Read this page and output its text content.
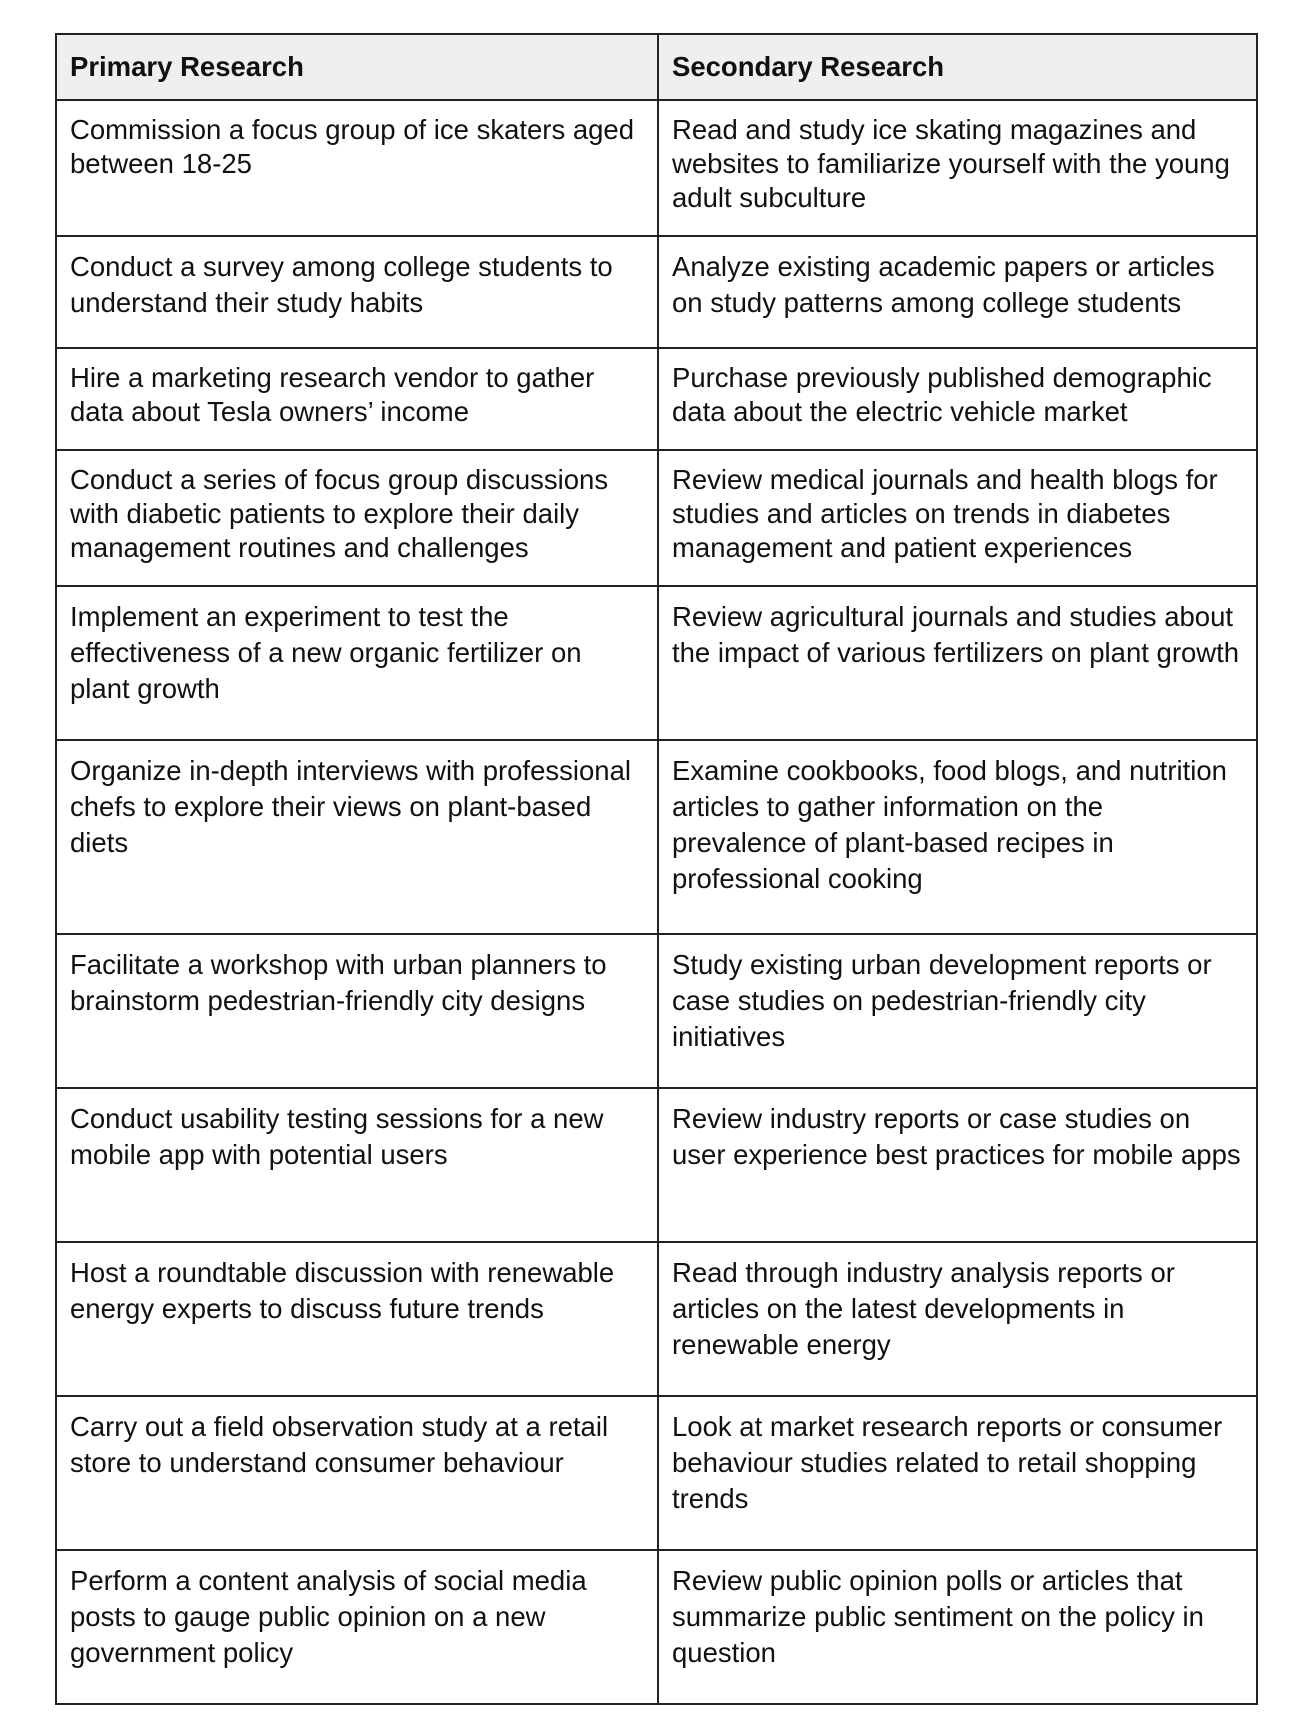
Primary Research	Secondary Research
Commission a focus group of ice skaters aged between 18-25	Read and study ice skating magazines and websites to familiarize yourself with the young adult subculture
Conduct a survey among college students to understand their study habits	Analyze existing academic papers or articles on study patterns among college students
Hire a marketing research vendor to gather data about Tesla owners’ income	Purchase previously published demographic data about the electric vehicle market
Conduct a series of focus group discussions with diabetic patients to explore their daily management routines and challenges	Review medical journals and health blogs for studies and articles on trends in diabetes management and patient experiences
Implement an experiment to test the effectiveness of a new organic fertilizer on plant growth	Review agricultural journals and studies about the impact of various fertilizers on plant growth
Organize in-depth interviews with professional chefs to explore their views on plant-based diets	Examine cookbooks, food blogs, and nutrition articles to gather information on the prevalence of plant-based recipes in professional cooking
Facilitate a workshop with urban planners to brainstorm pedestrian-friendly city designs	Study existing urban development reports or case studies on pedestrian-friendly city initiatives
Conduct usability testing sessions for a new mobile app with potential users	Review industry reports or case studies on user experience best practices for mobile apps
Host a roundtable discussion with renewable energy experts to discuss future trends	Read through industry analysis reports or articles on the latest developments in renewable energy
Carry out a field observation study at a retail store to understand consumer behaviour	Look at market research reports or consumer behaviour studies related to retail shopping trends
Perform a content analysis of social media posts to gauge public opinion on a new government policy	Review public opinion polls or articles that summarize public sentiment on the policy in question
